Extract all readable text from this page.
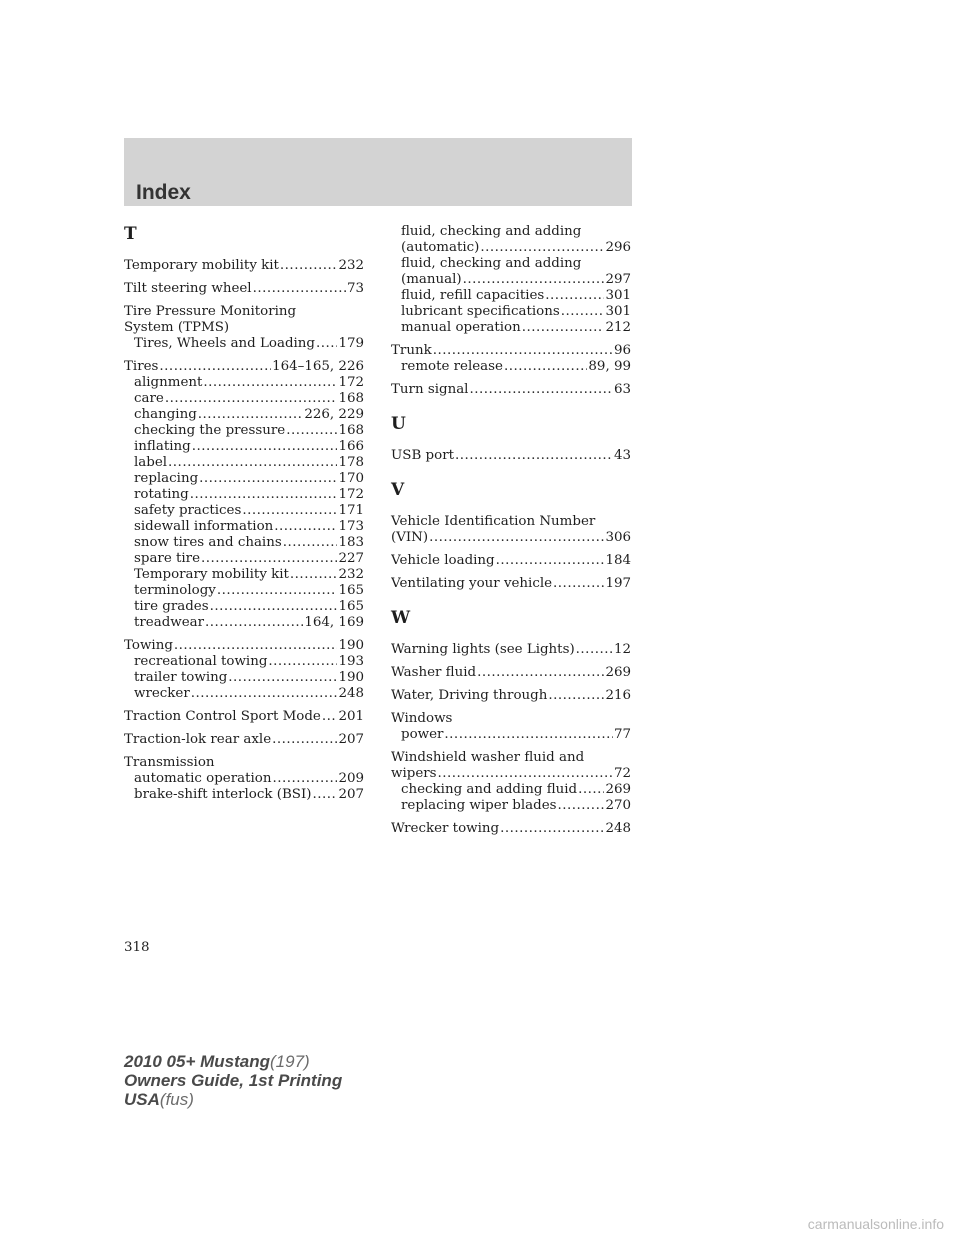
Index
T
Temporary mobility kit .....	232
Tilt steering wheel .....	73
Tire Pressure Monitoring
System (TPMS)
Tires, Wheels and Loading ..... 179
Tires .....	164–165, 226
alignment .....	172
care .....	168
changing .....	226, 229
checking the pressure .....	168
inflating .....	166
label .....	178
replacing .....	170
rotating .....	172
safety practices .....	171
sidewall information .....	173
snow tires and chains .....	183
spare tire .....	227
Temporary mobility kit .....	232
terminology .....	165
tire grades .....	165
treadwear .....	164, 169
Towing .....	190
recreational towing .....	193
trailer towing .....	190
wrecker .....	248
Traction Control Sport Mode ..... 201
Traction-lok rear axle .....	207
Transmission
automatic operation .....	209
brake-shift interlock (BSI) ..... 207
fluid, checking and adding
(automatic) .....	296
fluid, checking and adding
(manual) .....	297
fluid, refill capacities .....	301
lubricant specifications .....	301
manual operation .....	212
Trunk .....	96
remote release .....	89, 99
Turn signal .....	63
U
USB port .....	43
V
Vehicle Identification Number
(VIN) .....	306
Vehicle loading .....	184
Ventilating your vehicle .....	197
W
Warning lights (see Lights) .....	12
Washer fluid .....	269
Water, Driving through .....	216
Windows
power .....	77
Windshield washer fluid and
wipers .....	72
checking and adding fluid ..... 269
replacing wiper blades .....	270
Wrecker towing .....	248
318
2010 05+ Mustang(197)
Owners Guide, 1st Printing
USA(fus)
carmanualsonline.info
